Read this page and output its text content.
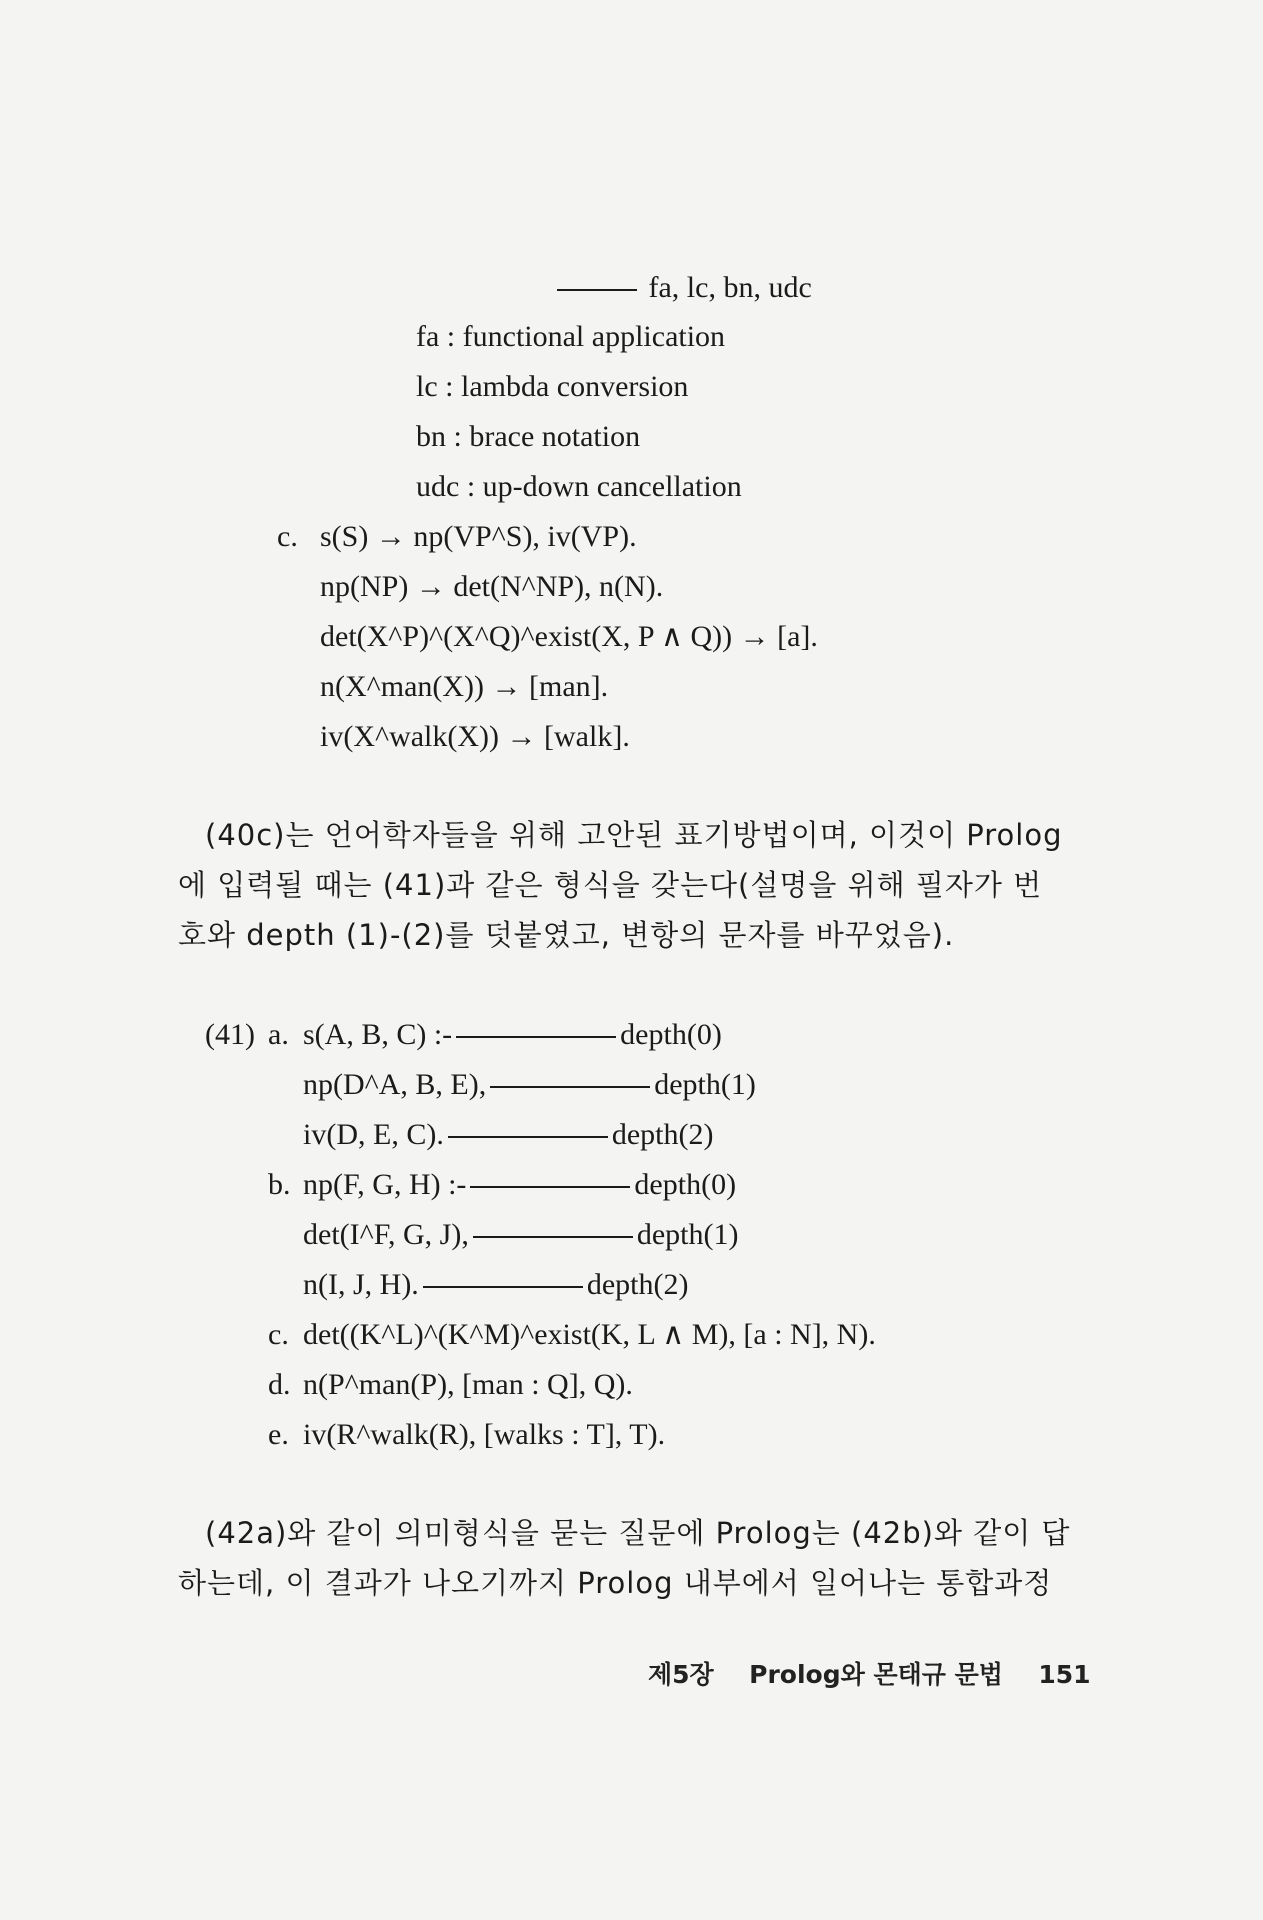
fa, lc, bn, udc
fa : functional application
lc : lambda conversion
bn : brace notation
udc : up-down cancellation
c. s(S) → np(VP^S), iv(VP).
np(NP) → det(N^NP), n(N).
det(X^P)^(X^Q)^exist(X, P ∧ Q)) → [a].
n(X^man(X)) → [man].
iv(X^walk(X)) → [walk].
(40c)는 언어학자들을 위해 고안된 표기방법이며, 이것이 Prolog
에 입력될 때는 (41)과 같은 형식을 갖는다(설명을 위해 필자가 번
호와 depth (1)-(2)를 덧붙였고, 변항의 문자를 바꾸었음).
(41) a. s(A, B, C) :-	depth(0)
np(D^A, B, E),	depth(1)
iv(D, E, C).	depth(2)
b. np(F, G, H) :-	depth(0)
det(I^F, G, J),	depth(1)
n(I, J, H).	depth(2)
c. det((K^L)^(K^M)^exist(K, L ∧ M), [a : N], N).
d. n(P^man(P), [man : Q], Q).
e. iv(R^walk(R), [walks : T], T).
(42a)와 같이 의미형식을 묻는 질문에 Prolog는 (42b)와 같이 답
하는데, 이 결과가 나오기까지 Prolog 내부에서 일어나는 통합과정
제5장 Prolog와 몬태규 문법 151
